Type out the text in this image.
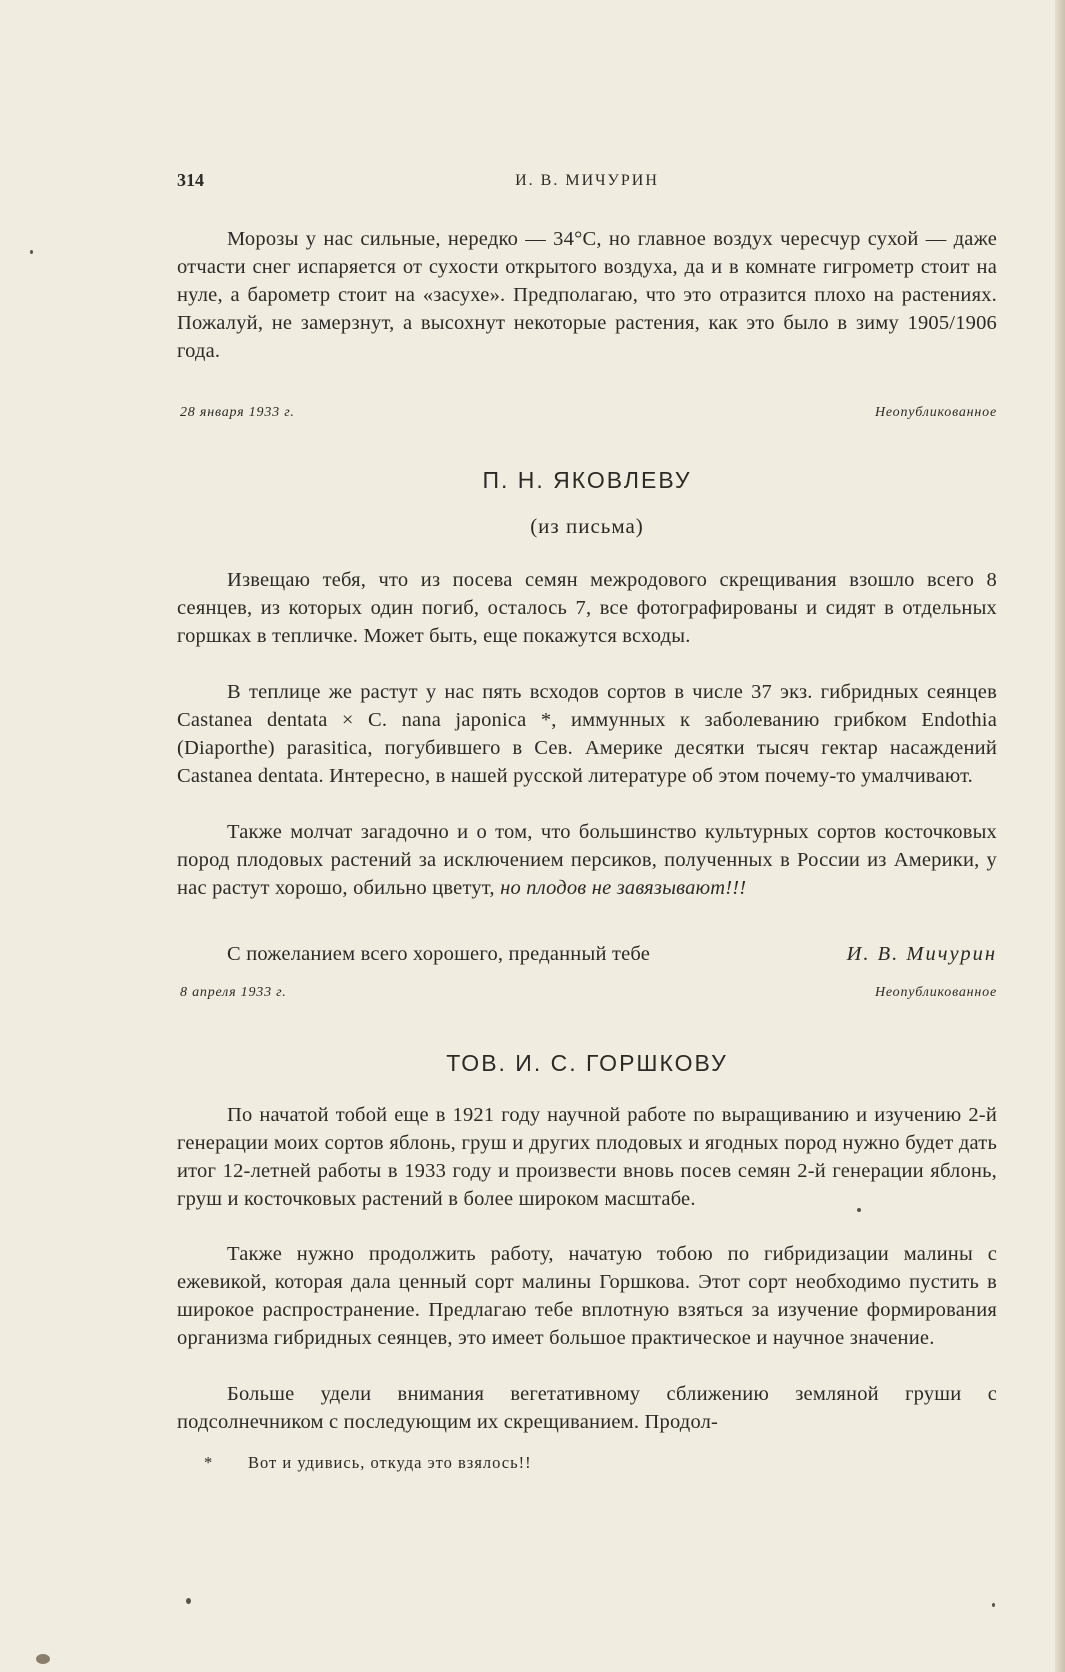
314	И. В. МИЧУРИН

Морозы у нас сильные, нередко — 34°С, но главное воздух чересчур сухой — даже отчасти снег испаряется от сухости открытого воздуха, да и в комнате гигрометр стоит на нуле, а барометр стоит на «засухе». Предполагаю, что это отразится плохо на растениях. Пожалуй, не замерзнут, а высохнут некоторые растения, как это было в зиму 1905/1906 года.

28 января 1933 г.	Неопубликованное
П. Н. ЯКОВЛЕВУ
(из письма)

Извещаю тебя, что из посева семян межродового скрещивания взошло всего 8 сеянцев, из которых один погиб, осталось 7, все фотографированы и сидят в отдельных горшках в тепличке. Может быть, еще покажутся всходы.

В теплице же растут у нас пять всходов сортов в числе 37 экз. гибридных сеянцев Castanea dentata × C. nana japonica *, иммунных к заболеванию грибком Endothia (Diaporthe) parasitica, погубившего в Сев. Америке десятки тысяч гектар насаждений Castanea dentata. Интересно, в нашей русской литературе об этом почему-то умалчивают.

Также молчат загадочно и о том, что большинство культурных сортов косточковых пород плодовых растений за исключением персиков, полученных в России из Америки, у нас растут хорошо, обильно цветут, но плодов не завязывают!!!

С пожеланием всего хорошего, преданный тебе	И. В. Мичурин

8 апреля 1933 г.	Неопубликованное
ТОВ. И. С. ГОРШКОВУ

По начатой тобой еще в 1921 году научной работе по выращиванию и изучению 2-й генерации моих сортов яблонь, груш и других плодовых и ягодных пород нужно будет дать итог 12-летней работы в 1933 году и произвести вновь посев семян 2-й генерации яблонь, груш и косточковых растений в более широком масштабе.

Также нужно продолжить работу, начатую тобою по гибридизации малины с ежевикой, которая дала ценный сорт малины Горшкова. Этот сорт необходимо пустить в широкое распространение. Предлагаю тебе вплотную взяться за изучение формирования организма гибридных сеянцев, это имеет большое практическое и научное значение.

Больше удели внимания вегетативному сближению земляной груши с подсолнечником с последующим их скрещиванием. Продол-

* Вот и удивись, откуда это взялось!!
